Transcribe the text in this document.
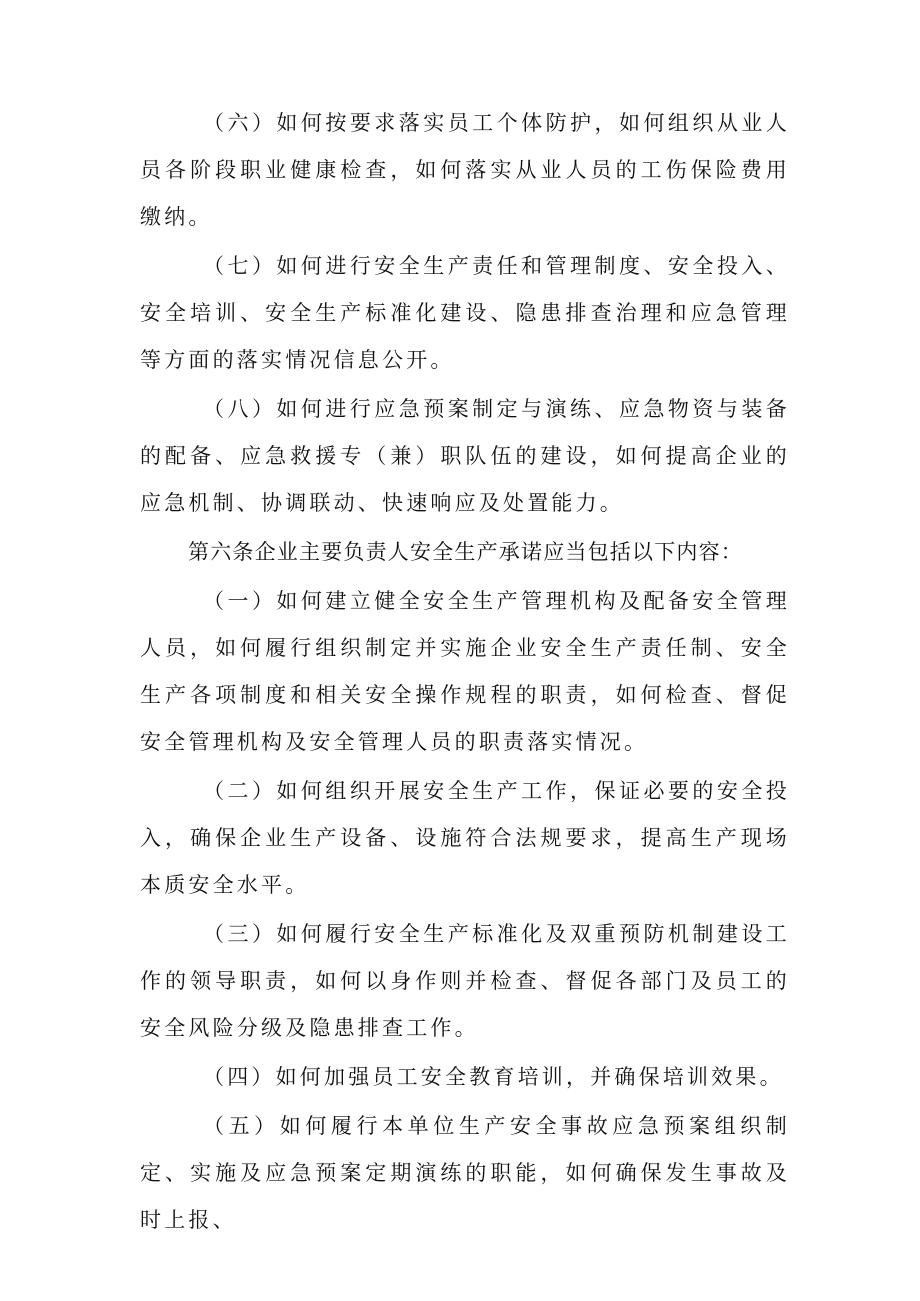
（六）如何按要求落实员工个体防护，如何组织从业人员各阶段职业健康检查，如何落实从业人员的工伤保险费用缴纳。

（七）如何进行安全生产责任和管理制度、安全投入、安全培训、安全生产标准化建设、隐患排查治理和应急管理等方面的落实情况信息公开。

（八）如何进行应急预案制定与演练、应急物资与装备的配备、应急救援专（兼）职队伍的建设，如何提高企业的应急机制、协调联动、快速响应及处置能力。

第六条企业主要负责人安全生产承诺应当包括以下内容：

（一）如何建立健全安全生产管理机构及配备安全管理人员，如何履行组织制定并实施企业安全生产责任制、安全生产各项制度和相关安全操作规程的职责，如何检查、督促安全管理机构及安全管理人员的职责落实情况。

（二）如何组织开展安全生产工作，保证必要的安全投入，确保企业生产设备、设施符合法规要求，提高生产现场本质安全水平。

（三）如何履行安全生产标准化及双重预防机制建设工作的领导职责，如何以身作则并检查、督促各部门及员工的安全风险分级及隐患排查工作。

（四）如何加强员工安全教育培训，并确保培训效果。

（五）如何履行本单位生产安全事故应急预案组织制定、实施及应急预案定期演练的职能，如何确保发生事故及时上报、
